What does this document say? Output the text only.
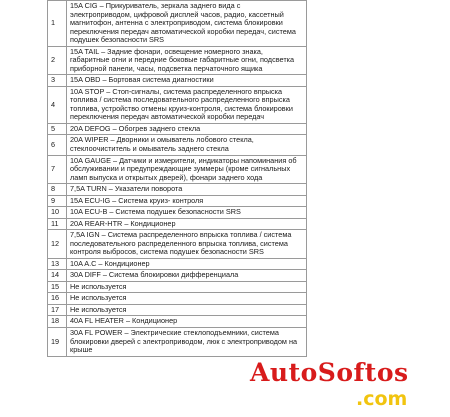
1	15A CIG – Прикуриватель, зеркала заднего вида с электроприводом, цифровой дисплей часов, радио, кассетный магнитофон, антенна с электроприводом, система блокировки переключения передач автоматической коробки передач, система подушек безопасности SRS
2	15A TAIL – Задние фонари, освещение номерного знака, габаритные огни и передние боковые габаритные огни, подсветка приборной панели, часы, подсветка перчаточного ящика
3	15A OBD – Бортовая система диагностики
4	10A STOP – Стоп-сигналы, система распределенного впрыска топлива / система последовательного распределенного впрыска топлива, устройство отмены круиз-контроля, система блокировки переключения передач автоматической коробки передач
5	20A DEFOG – Обогрев заднего стекла
6	20A WIPER – Дворники и омыватель лобового стекла, стеклоочиститель и омыватель заднего стекла
7	10A GAUGE – Датчики и измерители, индикаторы напоминания об обслуживании и предупреждающие зуммеры (кроме сигнальных ламп выпуска и открытых дверей), фонари заднего хода
8	7,5A TURN – Указатели поворота
9	15A ECU-IG – Система круиз- контроля
10	10A ECU-B – Система подушек безопасности SRS
11	20A REAR-HTR – Кондиционер
12	7,5A IGN – Система распределенного впрыска топлива / система последовательного распределенного впрыска топлива, система контроля выбросов, система подушек безопасности SRS
13	10A A.C – Кондиционер
14	30A DIFF – Система блокировки дифференциала
15	Не используется
16	Не используется
17	Не используется
18	40A FL HEATER – Кондиционер
19	30A FL POWER – Электрические стеклоподъемники, система блокировки дверей с электроприводом, люк с электроприводом на крыше
AutoSoftos
.com
